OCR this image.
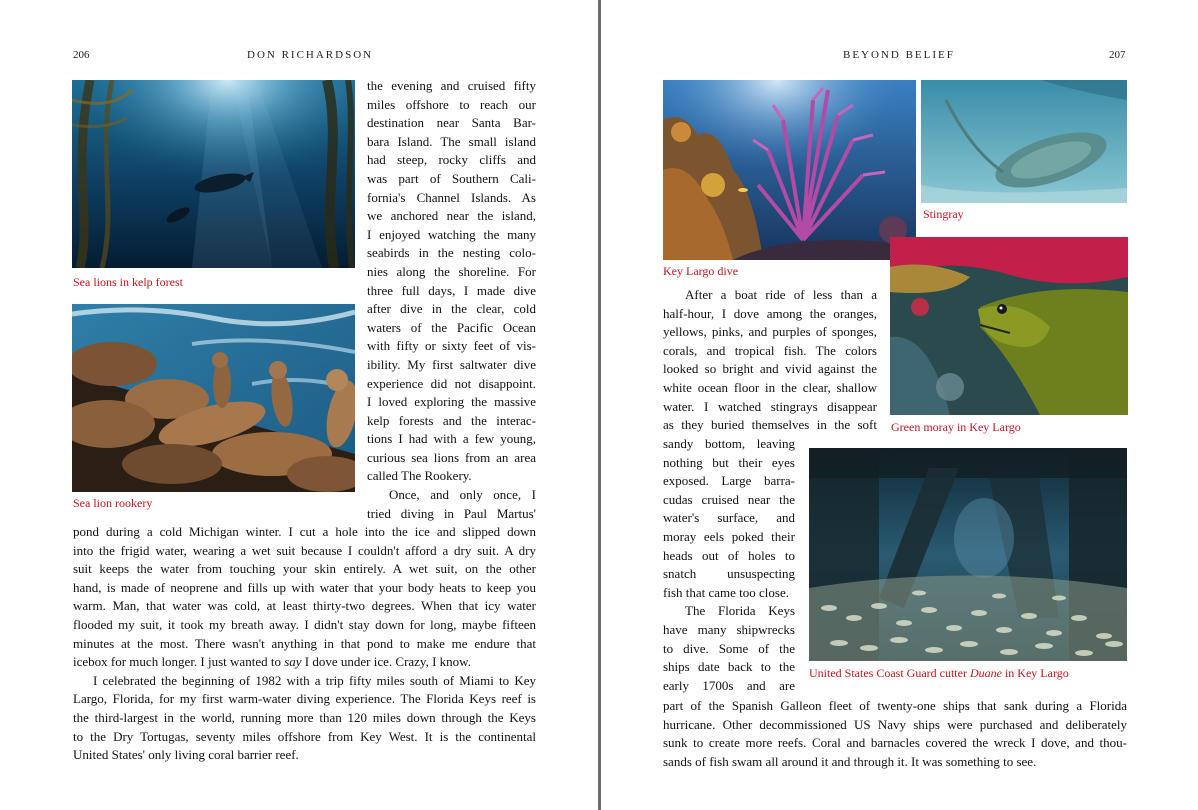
206	DON RICHARDSON
Sea lions in kelp forest
Sea lion rookery
the evening and cruised fifty
miles offshore to reach our
destination near Santa Bar-
bara Island. The small island
had steep, rocky cliffs and
was part of Southern Cali-
fornia's Channel Islands. As
we anchored near the island,
I enjoyed watching the many
seabirds in the nesting colo-
nies along the shoreline. For
three full days, I made dive
after dive in the clear, cold
waters of the Pacific Ocean
with fifty or sixty feet of vis-
ibility. My first saltwater dive
experience did not disappoint.
I loved exploring the massive
kelp forests and the interac-
tions I had with a few young,
curious sea lions from an area
called The Rookery.
Once, and only once, I
tried diving in Paul Martus'
pond during a cold Michigan winter. I cut a hole into the ice and slipped down
into the frigid water, wearing a wet suit because I couldn't afford a dry suit. A dry
suit keeps the water from touching your skin entirely. A wet suit, on the other
hand, is made of neoprene and fills up with water that your body heats to keep you
warm. Man, that water was cold, at least thirty-two degrees. When that icy water
flooded my suit, it took my breath away. I didn't stay down for long, maybe fifteen
minutes at the most. There wasn't anything in that pond to make me endure that
icebox for much longer. I just wanted to say I dove under ice. Crazy, I know.
I celebrated the beginning of 1982 with a trip fifty miles south of Miami to Key
Largo, Florida, for my first warm-water diving experience. The Florida Keys reef is
the third-largest in the world, running more than 120 miles down through the Keys
to the Dry Tortugas, seventy miles offshore from Key West. It is the continental
United States' only living coral barrier reef.
BEYOND BELIEF	207
Key Largo dive
Stingray
Green moray in Key Largo
United States Coast Guard cutter Duane in Key Largo
After a boat ride of less than a
half-hour, I dove among the oranges,
yellows, pinks, and purples of sponges,
corals, and tropical fish. The colors
looked so bright and vivid against the
white ocean floor in the clear, shallow
water. I watched stingrays disappear
as they buried themselves in the soft
sandy bottom, leaving
nothing but their eyes
exposed. Large barra-
cudas cruised near the
water's surface, and
moray eels poked their
heads out of holes to
snatch unsuspecting
fish that came too close.
The Florida Keys
have many shipwrecks
to dive. Some of the
ships date back to the
early 1700s and are
part of the Spanish Galleon fleet of twenty-one ships that sank during a Florida
hurricane. Other decommissioned US Navy ships were purchased and deliberately
sunk to create more reefs. Coral and barnacles covered the wreck I dove, and thou-
sands of fish swam all around it and through it. It was something to see.
